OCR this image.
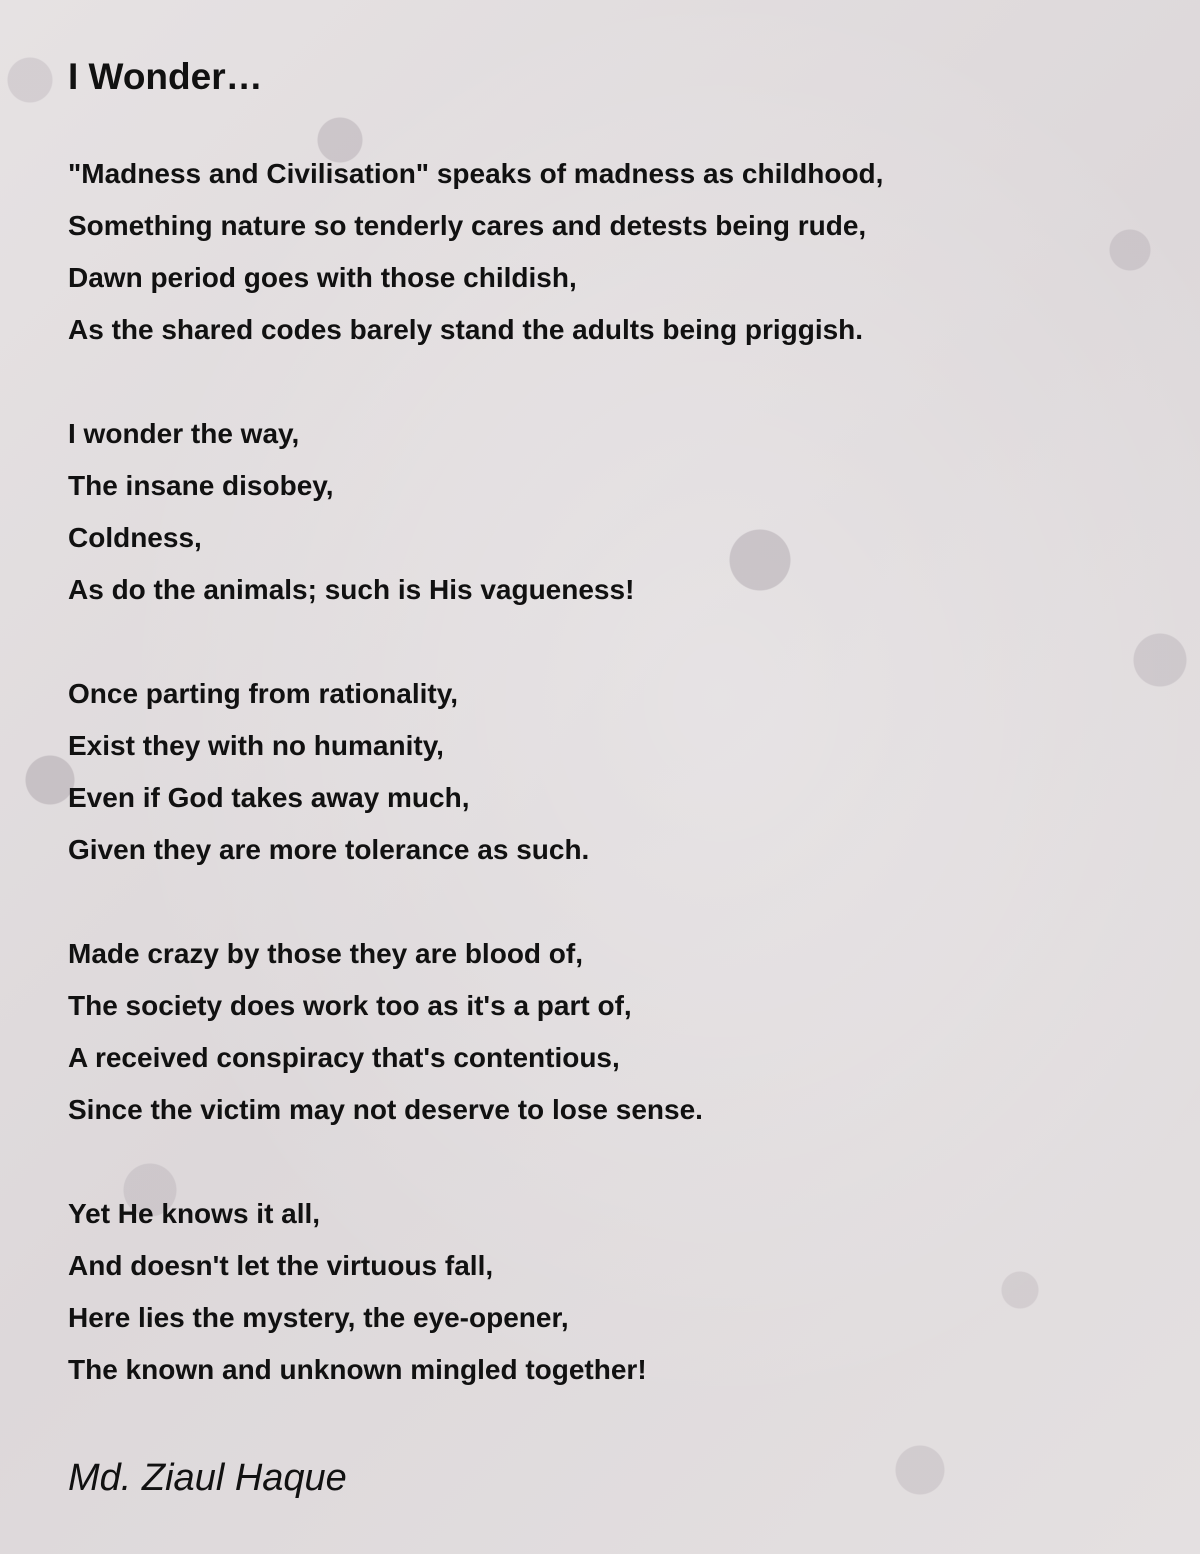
I Wonder…
"Madness and Civilisation" speaks of madness as childhood,
Something nature so tenderly cares and detests being rude,
Dawn period goes with those childish,
As the shared codes barely stand the adults being priggish.
I wonder the way,
The insane disobey,
Coldness,
As do the animals; such is His vagueness!
Once parting from rationality,
Exist they with no humanity,
Even if God takes away much,
Given they are more tolerance as such.
Made crazy by those they are blood of,
The society does work too as it's a part of,
A received conspiracy that's contentious,
Since the victim may not deserve to lose sense.
Yet He knows it all,
And doesn't let the virtuous fall,
Here lies the mystery, the eye-opener,
The known and unknown mingled together!

Md. Ziaul Haque
